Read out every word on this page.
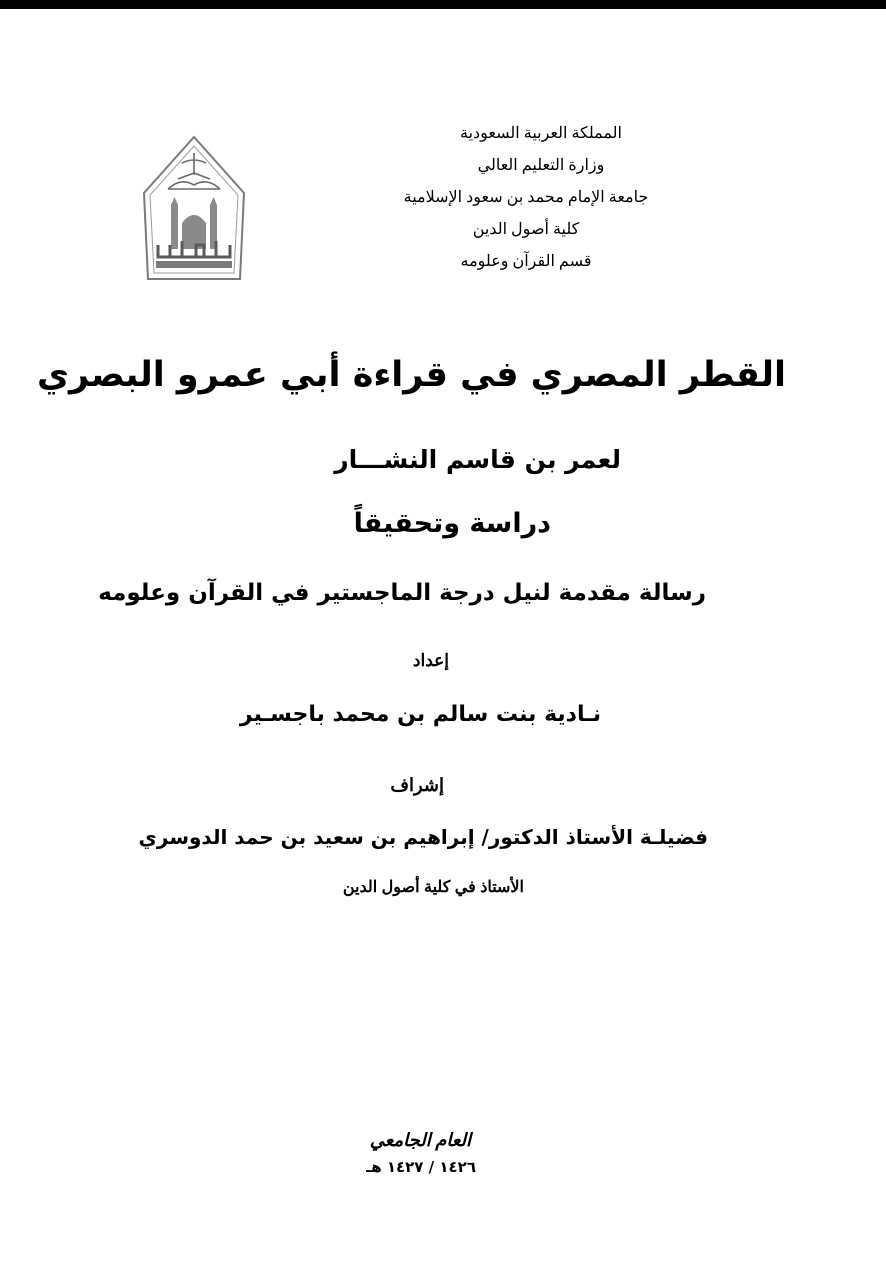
المملكة العربية السعودية
وزارة التعليم العالي
جامعة الإمام محمد بن سعود الإسلامية
كلية أصول الدين
قسم القرآن وعلومه
القطر المصري في قراءة أبي عمرو البصري
لعمر بن قاسم النشـــار
دراسة وتحقيقاً
رسالة مقدمة لنيل درجة الماجستير في القرآن وعلومه
إعداد
نـادية بنت سالم بن محمد باجسـير
إشراف
فضيلـة الأستاذ الدكتور/ إبراهيم بن سعيد بن حمد الدوسري
الأستاذ في كلية أصول الدين
العام الجامعي
١٤٢٦ / ١٤٢٧ هـ
